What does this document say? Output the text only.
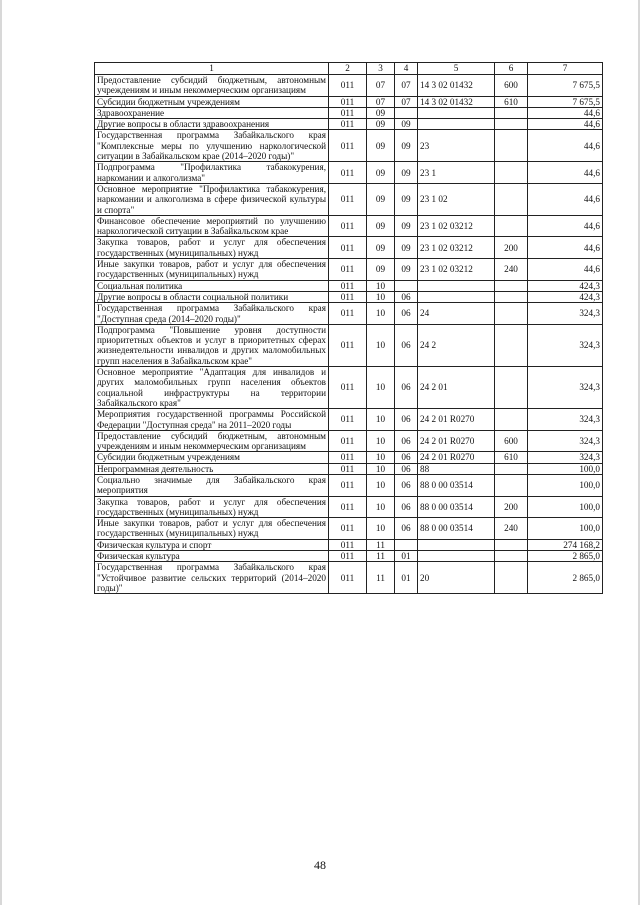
1	2	3	4	5	6	7
Предоставление субсидий бюджетным, автономным учреждениям и иным некоммерческим организациям	011	07	07	14 3 02 01432	600	7 675,5
Субсидии бюджетным учреждениям	011	07	07	14 3 02 01432	610	7 675,5
Здравоохранение	011	09				44,6
Другие вопросы в области здравоохранения	011	09	09			44,6
Государственная программа Забайкальского края "Комплексные меры по улучшению наркологической ситуации в Забайкальском крае (2014–2020 годы)"	011	09	09	23		44,6
Подпрограмма "Профилактика табакокурения, наркомании и алкоголизма"	011	09	09	23 1		44,6
Основное мероприятие "Профилактика табакокурения, наркомании и алкоголизма в сфере физической культуры и спорта"	011	09	09	23 1 02		44,6
Финансовое обеспечение мероприятий по улучшению наркологической ситуации в Забайкальском крае	011	09	09	23 1 02 03212		44,6
Закупка товаров, работ и услуг для обеспечения государственных (муниципальных) нужд	011	09	09	23 1 02 03212	200	44,6
Иные закупки товаров, работ и услуг для обеспечения государственных (муниципальных) нужд	011	09	09	23 1 02 03212	240	44,6
Социальная политика	011	10				424,3
Другие вопросы в области социальной политики	011	10	06			424,3
Государственная программа Забайкальского края "Доступная среда (2014–2020 годы)"	011	10	06	24		324,3
Подпрограмма "Повышение уровня доступности приоритетных объектов и услуг в приоритетных сферах жизнедеятельности инвалидов и других маломобильных групп населения в Забайкальском крае"	011	10	06	24 2		324,3
Основное мероприятие "Адаптация для инвалидов и других маломобильных групп населения объектов социальной инфраструктуры на территории Забайкальского края"	011	10	06	24 2 01		324,3
Мероприятия государственной программы Российской Федерации "Доступная среда" на 2011–2020 годы	011	10	06	24 2 01 R0270		324,3
Предоставление субсидий бюджетным, автономным учреждениям и иным некоммерческим организациям	011	10	06	24 2 01 R0270	600	324,3
Субсидии бюджетным учреждениям	011	10	06	24 2 01 R0270	610	324,3
Непрограммная деятельность	011	10	06	88		100,0
Социально значимые для Забайкальского края мероприятия	011	10	06	88 0 00 03514		100,0
Закупка товаров, работ и услуг для обеспечения государственных (муниципальных) нужд	011	10	06	88 0 00 03514	200	100,0
Иные закупки товаров, работ и услуг для обеспечения государственных (муниципальных) нужд	011	10	06	88 0 00 03514	240	100,0
Физическая культура и спорт	011	11				274 168,2
Физическая культура	011	11	01			2 865,0
Государственная программа Забайкальского края "Устойчивое развитие сельских территорий (2014–2020 годы)"	011	11	01	20		2 865,0
48
